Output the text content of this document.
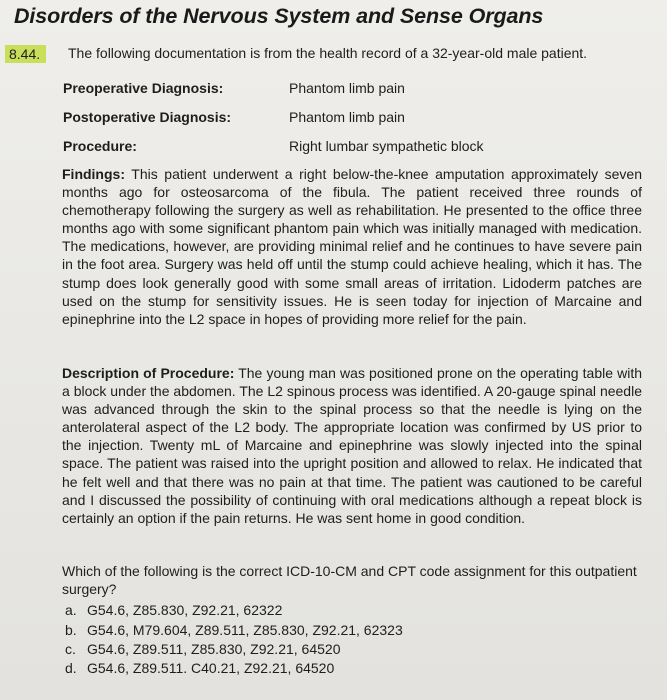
Disorders of the Nervous System and Sense Organs
8.44.	The following documentation is from the health record of a 32-year-old male patient.
Preoperative Diagnosis:	Phantom limb pain
Postoperative Diagnosis:	Phantom limb pain
Procedure:	Right lumbar sympathetic block
Findings: This patient underwent a right below-the-knee amputation approximately seven months ago for osteosarcoma of the fibula. The patient received three rounds of chemotherapy following the surgery as well as rehabilitation. He presented to the office three months ago with some significant phantom pain which was initially managed with medication. The medications, however, are providing minimal relief and he continues to have severe pain in the foot area. Surgery was held off until the stump could achieve healing, which it has. The stump does look generally good with some small areas of irritation. Lidoderm patches are used on the stump for sensitivity issues. He is seen today for injection of Marcaine and epinephrine into the L2 space in hopes of providing more relief for the pain.
Description of Procedure: The young man was positioned prone on the operating table with a block under the abdomen. The L2 spinous process was identified. A 20-gauge spinal needle was advanced through the skin to the spinal process so that the needle is lying on the anterolateral aspect of the L2 body. The appropriate location was confirmed by US prior to the injection. Twenty mL of Marcaine and epinephrine was slowly injected into the spinal space. The patient was raised into the upright position and allowed to relax. He indicated that he felt well and that there was no pain at that time. The patient was cautioned to be careful and I discussed the possibility of continuing with oral medications although a repeat block is certainly an option if the pain returns. He was sent home in good condition.
Which of the following is the correct ICD-10-CM and CPT code assignment for this outpatient surgery?
a. G54.6, Z85.830, Z92.21, 62322
b. G54.6, M79.604, Z89.511, Z85.830, Z92.21, 62323
c. G54.6, Z89.511, Z85.830, Z92.21, 64520
d. G54.6, Z89.511. C40.21, Z92.21, 64520
